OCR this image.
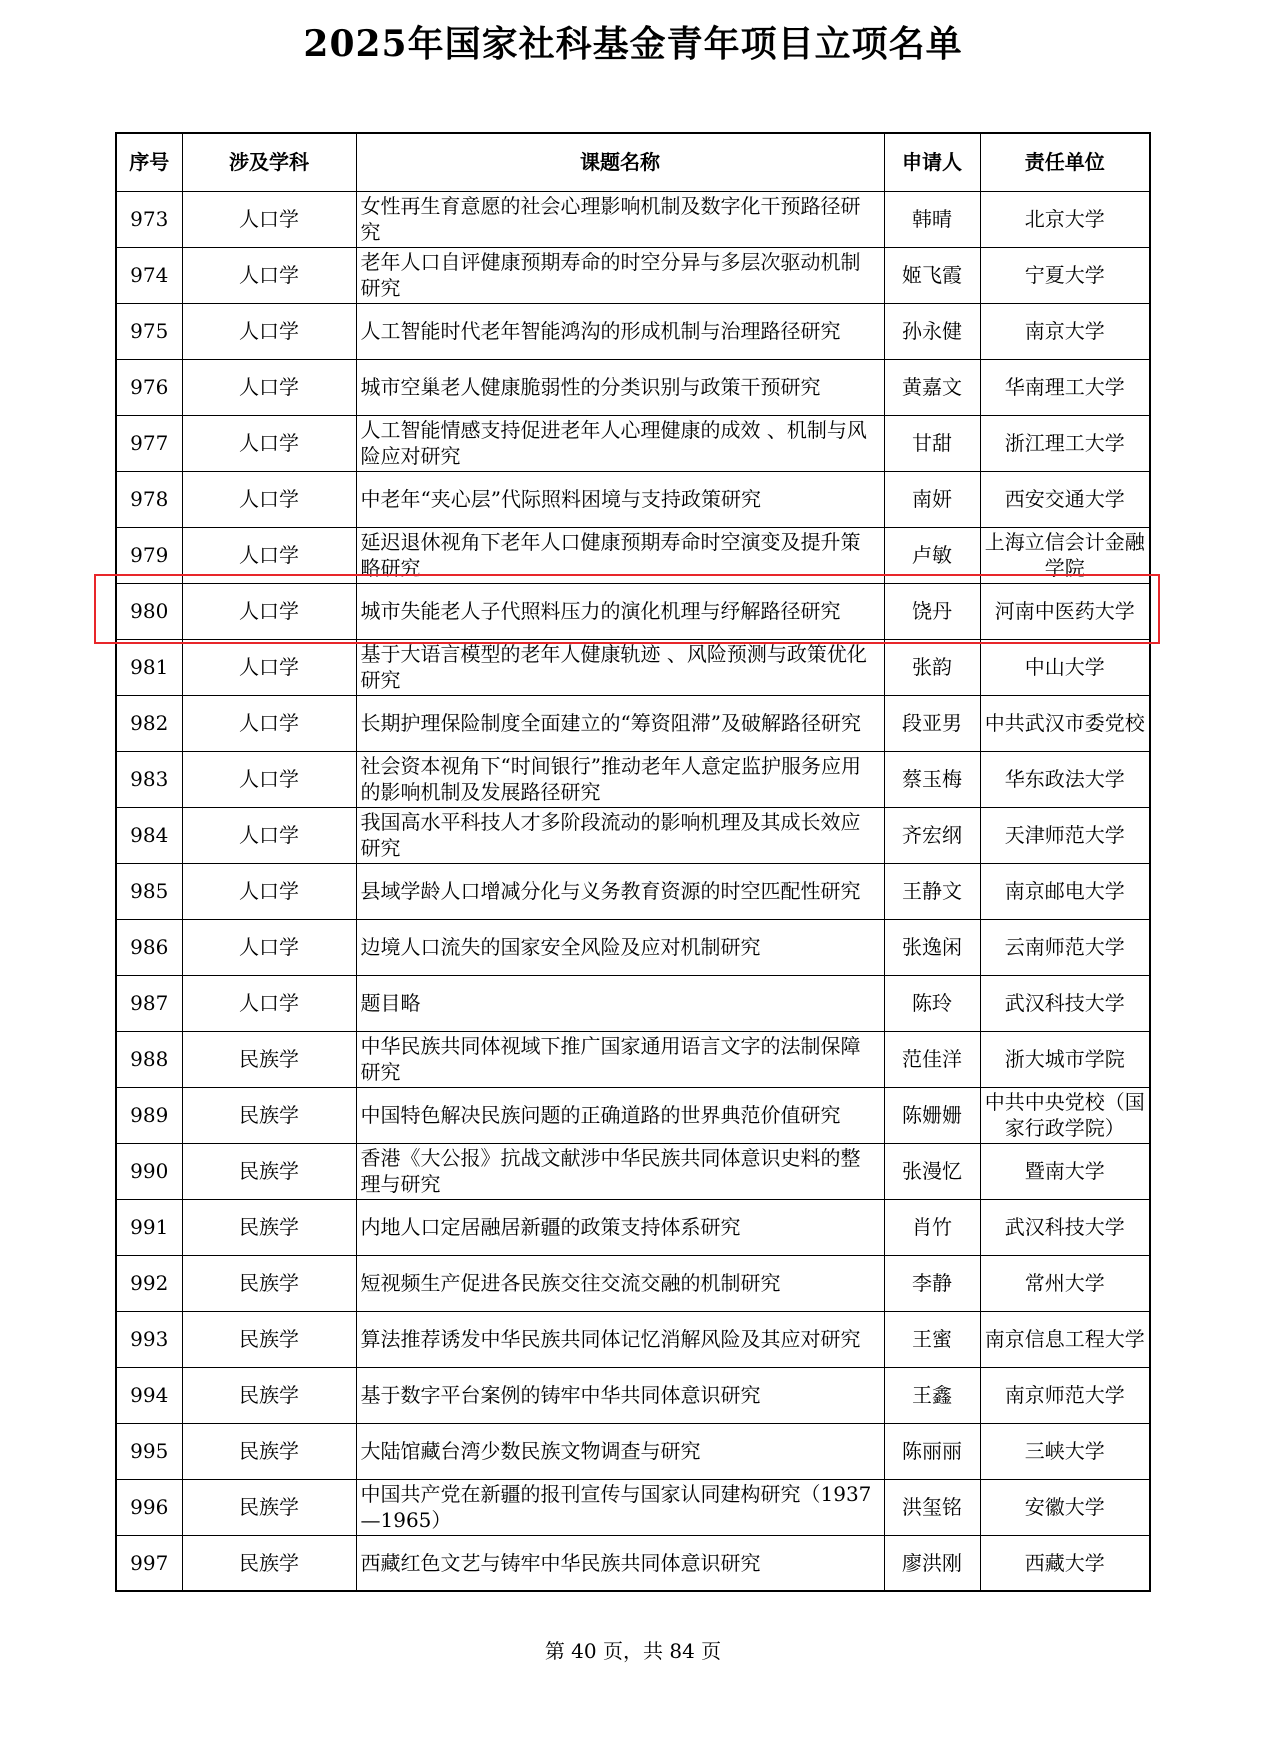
2025年国家社科基金青年项目立项名单
序号	涉及学科	课题名称	申请人	责任单位
973	人口学	女性再生育意愿的社会心理影响机制及数字化干预路径研究	韩晴	北京大学
974	人口学	老年人口自评健康预期寿命的时空分异与多层次驱动机制研究	姬飞霞	宁夏大学
975	人口学	人工智能时代老年智能鸿沟的形成机制与治理路径研究	孙永健	南京大学
976	人口学	城市空巢老人健康脆弱性的分类识别与政策干预研究	黄嘉文	华南理工大学
977	人口学	人工智能情感支持促进老年人心理健康的成效 、机制与风险应对研究	甘甜	浙江理工大学
978	人口学	中老年“夹心层”代际照料困境与支持政策研究	南妍	西安交通大学
979	人口学	延迟退休视角下老年人口健康预期寿命时空演变及提升策略研究	卢敏	上海立信会计金融学院
980	人口学	城市失能老人子代照料压力的演化机理与纾解路径研究	饶丹	河南中医药大学
981	人口学	基于大语言模型的老年人健康轨迹 、风险预测与政策优化研究	张韵	中山大学
982	人口学	长期护理保险制度全面建立的“筹资阻滞”及破解路径研究	段亚男	中共武汉市委党校
983	人口学	社会资本视角下“时间银行”推动老年人意定监护服务应用的影响机制及发展路径研究	蔡玉梅	华东政法大学
984	人口学	我国高水平科技人才多阶段流动的影响机理及其成长效应研究	齐宏纲	天津师范大学
985	人口学	县域学龄人口增减分化与义务教育资源的时空匹配性研究	王静文	南京邮电大学
986	人口学	边境人口流失的国家安全风险及应对机制研究	张逸闲	云南师范大学
987	人口学	题目略	陈玲	武汉科技大学
988	民族学	中华民族共同体视域下推广国家通用语言文字的法制保障研究	范佳洋	浙大城市学院
989	民族学	中国特色解决民族问题的正确道路的世界典范价值研究	陈姗姗	中共中央党校（国家行政学院）
990	民族学	香港《大公报》抗战文献涉中华民族共同体意识史料的整理与研究	张漫忆	暨南大学
991	民族学	内地人口定居融居新疆的政策支持体系研究	肖竹	武汉科技大学
992	民族学	短视频生产促进各民族交往交流交融的机制研究	李静	常州大学
993	民族学	算法推荐诱发中华民族共同体记忆消解风险及其应对研究	王蜜	南京信息工程大学
994	民族学	基于数字平台案例的铸牢中华共同体意识研究	王鑫	南京师范大学
995	民族学	大陆馆藏台湾少数民族文物调查与研究	陈丽丽	三峡大学
996	民族学	中国共产党在新疆的报刊宣传与国家认同建构研究（1937—1965）	洪玺铭	安徽大学
997	民族学	西藏红色文艺与铸牢中华民族共同体意识研究	廖洪刚	西藏大学
第 40 页，共 84 页
